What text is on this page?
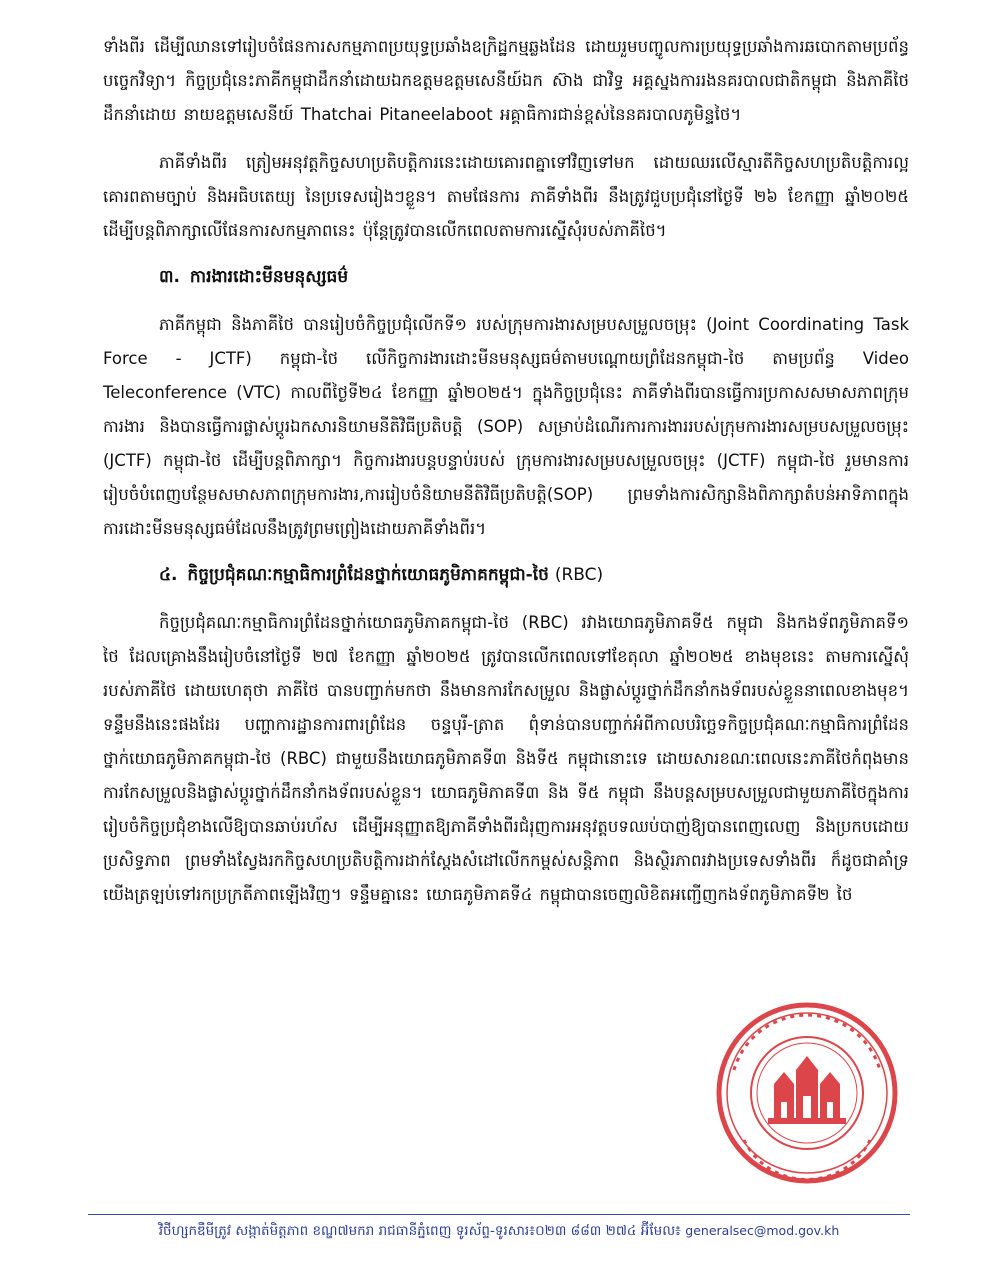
ទាំងពីរ ដើម្បីឈានទៅរៀបចំផែនការសកម្មភាពប្រយុទ្ធប្រឆាំងឧក្រិដ្ឋកម្មឆ្លងដែន ដោយរួមបញ្ចូលការប្រយុទ្ធប្រឆាំងការឆបោកតាមប្រព័ន្ធបច្ចេកវិទ្យា។ កិច្ចប្រជុំនេះភាគីកម្ពុជាដឹកនាំដោយឯកឧត្តមឧត្តមសេនីយ៍ឯក ស៊ាង ជាវិទ្ធ អគ្គស្នងការរងនគរបាលជាតិកម្ពុជា និងភាគីថៃដឹកនាំដោយ នាយឧត្តមសេនីយ៍ Thatchai Pitaneelaboot អគ្គាធិការជាន់ខ្ពស់នៃនគរបាលភូមិន្ទថៃ។

ភាគីទាំងពីរ ត្រៀមអនុវត្តកិច្ចសហប្រតិបត្តិការនេះដោយគោរពគ្នាទៅវិញទៅមក ដោយឈរលើស្មារតីកិច្ចសហប្រតិបត្តិការល្អ គោរពតាមច្បាប់ និងអធិបតេយ្យ នៃប្រទេសរៀងៗខ្លួន។ តាមផែនការ ភាគីទាំងពីរ នឹងត្រូវជួបប្រជុំនៅថ្ងៃទី ២៦ ខែកញ្ញា ឆ្នាំ២០២៥ ដើម្បីបន្តពិភាក្សាលើផែនការសកម្មភាពនេះ ប៉ុន្តែត្រូវបានលើកពេលតាមការស្នើសុំរបស់ភាគីថៃ។

៣. ការងារដោះមីនមនុស្សធម៌

ភាគីកម្ពុជា និងភាគីថៃ បានរៀបចំកិច្ចប្រជុំលើកទី១ របស់ក្រុមការងារសម្របសម្រួលចម្រុះ (Joint Coordinating Task Force - JCTF) កម្ពុជា-ថៃ លើកិច្ចការងារដោះមីនមនុស្សធម៌តាមបណ្ដោយព្រំដែនកម្ពុជា-ថៃ តាមប្រព័ន្ធ Video Teleconference (VTC) កាលពីថ្ងៃទី២៤ ខែកញ្ញា ឆ្នាំ២០២៥។ ក្នុងកិច្ចប្រជុំនេះ ភាគីទាំងពីរបានធ្វើការប្រកាសសមាសភាពក្រុមការងារ និងបានធ្វើការផ្លាស់ប្តូរឯកសារនិយាមនីតិវិធីប្រតិបត្តិ (SOP) សម្រាប់ដំណើរការការងាររបស់ក្រុមការងារសម្របសម្រួលចម្រុះ (JCTF) កម្ពុជា-ថៃ ដើម្បីបន្តពិភាក្សា។ កិច្ចការងារបន្តបន្ទាប់របស់ ក្រុមការងារសម្របសម្រួលចម្រុះ (JCTF) កម្ពុជា-ថៃ រួមមានការរៀបចំបំពេញបន្ថែមសមាសភាពក្រុមការងារ,ការរៀបចំនិយាមនីតិវិធីប្រតិបត្តិ(SOP) ព្រមទាំងការសិក្សានិងពិភាក្សាតំបន់អាទិភាពក្នុងការដោះមីនមនុស្សធម៌ដែលនឹងត្រូវព្រមព្រៀងដោយភាគីទាំងពីរ។

៤. កិច្ចប្រជុំគណៈកម្មាធិការព្រំដែនថ្នាក់យោធភូមិភាគកម្ពុជា-ថៃ (RBC)

កិច្ចប្រជុំគណៈកម្មាធិការព្រំដែនថ្នាក់យោធភូមិភាគកម្ពុជា-ថៃ (RBC) រវាងយោធភូមិភាគទី៥ កម្ពុជា និងកងទ័ពភូមិភាគទី១ ថៃ ដែលគ្រោងនឹងរៀបចំនៅថ្ងៃទី ២៧ ខែកញ្ញា ឆ្នាំ២០២៥ ត្រូវបានលើកពេលទៅខែតុលា ឆ្នាំ២០២៥ ខាងមុខនេះ តាមការស្នើសុំរបស់ភាគីថៃ ដោយហេតុថា ភាគីថៃ បានបញ្ជាក់មកថា នឹងមានការកែសម្រួល និងផ្លាស់ប្តូរថ្នាក់ដឹកនាំកងទ័ពរបស់ខ្លួននាពេលខាងមុខ។ ទន្ទឹមនឹងនេះផងដែរ បញ្ហាការដ្ឋានការពារព្រំដែន ចន្ទបុរី-ត្រាត ពុំទាន់បានបញ្ជាក់អំពីកាលបរិច្ឆេទកិច្ចប្រជុំគណៈកម្មាធិការព្រំដែនថ្នាក់យោធភូមិភាគកម្ពុជា-ថៃ (RBC) ជាមួយនឹងយោធភូមិភាគទី៣ និងទី៥ កម្ពុជានោះទេ ដោយសារខណៈពេលនេះភាគីថៃកំពុងមានការកែសម្រួលនិងផ្លាស់ប្តូរថ្នាក់ដឹកនាំកងទ័ពរបស់ខ្លួន។ យោធភូមិភាគទី៣ និង ទី៥ កម្ពុជា នឹងបន្តសម្របសម្រួលជាមួយភាគីថៃក្នុងការរៀបចំកិច្ចប្រជុំខាងលើឱ្យបានឆាប់រហ័ស ដើម្បីអនុញ្ញាតឱ្យភាគីទាំងពីរជំរុញការអនុវត្តបទឈប់បាញ់ឱ្យបានពេញលេញ និងប្រកបដោយប្រសិទ្ធភាព ព្រមទាំងស្វែងរកកិច្ចសហប្រតិបត្តិការដាក់ស្តែងសំដៅលើកកម្ពស់សន្តិភាព និងស្ថិរភាពរវាងប្រទេសទាំងពីរ ក៏ដូចជាគាំទ្រយើងត្រឡប់ទៅរកប្រក្រតីភាពឡើងវិញ។ ទន្ទឹមគ្នានេះ យោធភូមិភាគទី៤ កម្ពុជាបានចេញលិខិតអញ្ជើញកងទ័ពភូមិភាគទី២ ថៃ

វិថីហ្សកឌឺមីត្រូវ សង្កាត់មិត្តភាព ខណ្ឌ៧មករា រាជធានីភ្នំពេញ ទូរស័ព្ទ-ទូរសារ៖០២៣ ៨៨៣ ២៧៤ អ៊ីមែល៖ generalsec@mod.gov.kh
